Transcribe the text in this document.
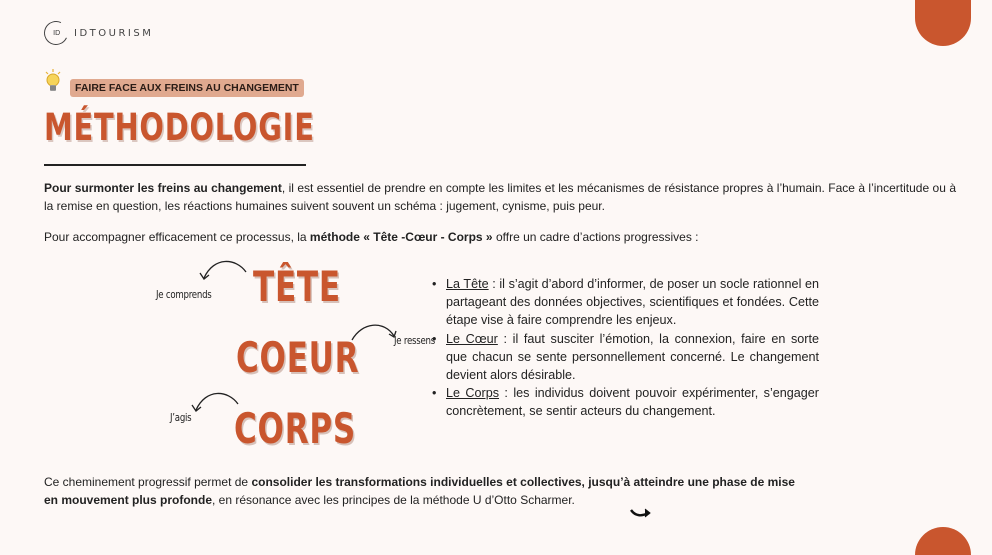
ID IDTOURISM
FAIRE FACE AUX FREINS AU CHANGEMENT
MÉTHODOLOGIE

Pour surmonter les freins au changement, il est essentiel de prendre en compte les limites et les mécanismes de résistance propres à l’humain. Face à l’incertitude ou à la remise en question, les réactions humaines suivent souvent un schéma : jugement, cynisme, puis peur.

Pour accompagner efficacement ce processus, la méthode « Tête -Cœur - Corps » offre un cadre d’actions progressives :

Je comprends TÊTE
Je ressens
COEUR
J’agis CORPS
• La Tête : il s’agit d’abord d’informer, de poser un socle rationnel en partageant des données objectives, scientifiques et fondées. Cette étape vise à faire comprendre les enjeux.
• Le Cœur : il faut susciter l’émotion, la connexion, faire en sorte que chacun se sente personnellement concerné. Le changement devient alors désirable.
• Le Corps : les individus doivent pouvoir expérimenter, s’engager concrètement, se sentir acteurs du changement.

Ce cheminement progressif permet de consolider les transformations individuelles et collectives, jusqu’à atteindre une phase de mise en mouvement plus profonde, en résonance avec les principes de la méthode U d’Otto Scharmer.
